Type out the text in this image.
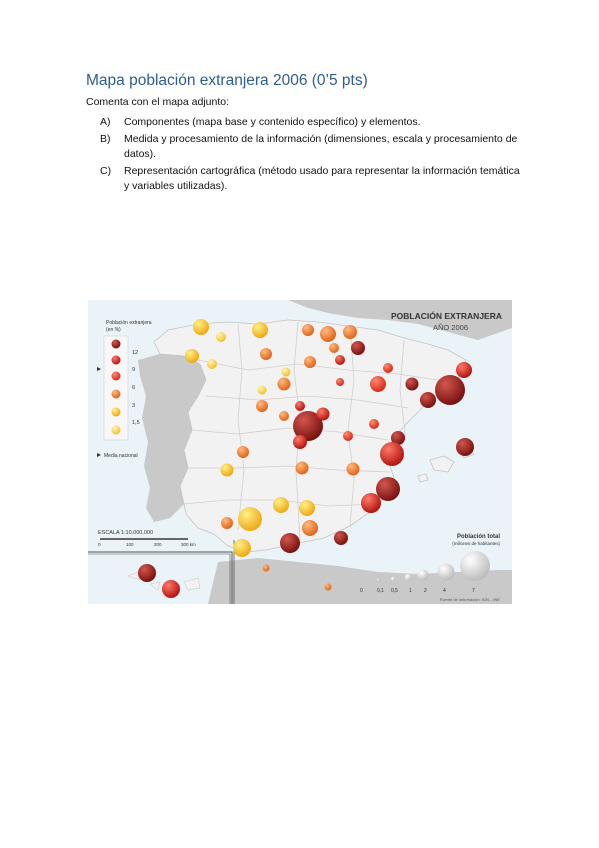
Mapa población extranjera 2006 (0’5 pts)
Comenta con el mapa adjunto:
A)	Componentes (mapa base y contenido específico) y elementos.
B)	Medida y procesamiento de la información (dimensiones, escala y procesamiento de datos).
C)	Representación cartográfica (método usado para representar la información temática y variables utilizadas).
POBLACIÓN EXTRANJERA
AÑO 2006
Población extranjera
(en %)
12
9
6
3
1,5
Media nacional
ESCALA 1:10.000.000
0	100	200	300 km
Población total
(millones de habitantes)
0	0,1 0,5 1 2	4	7
Fuente de información: IGN – INE
